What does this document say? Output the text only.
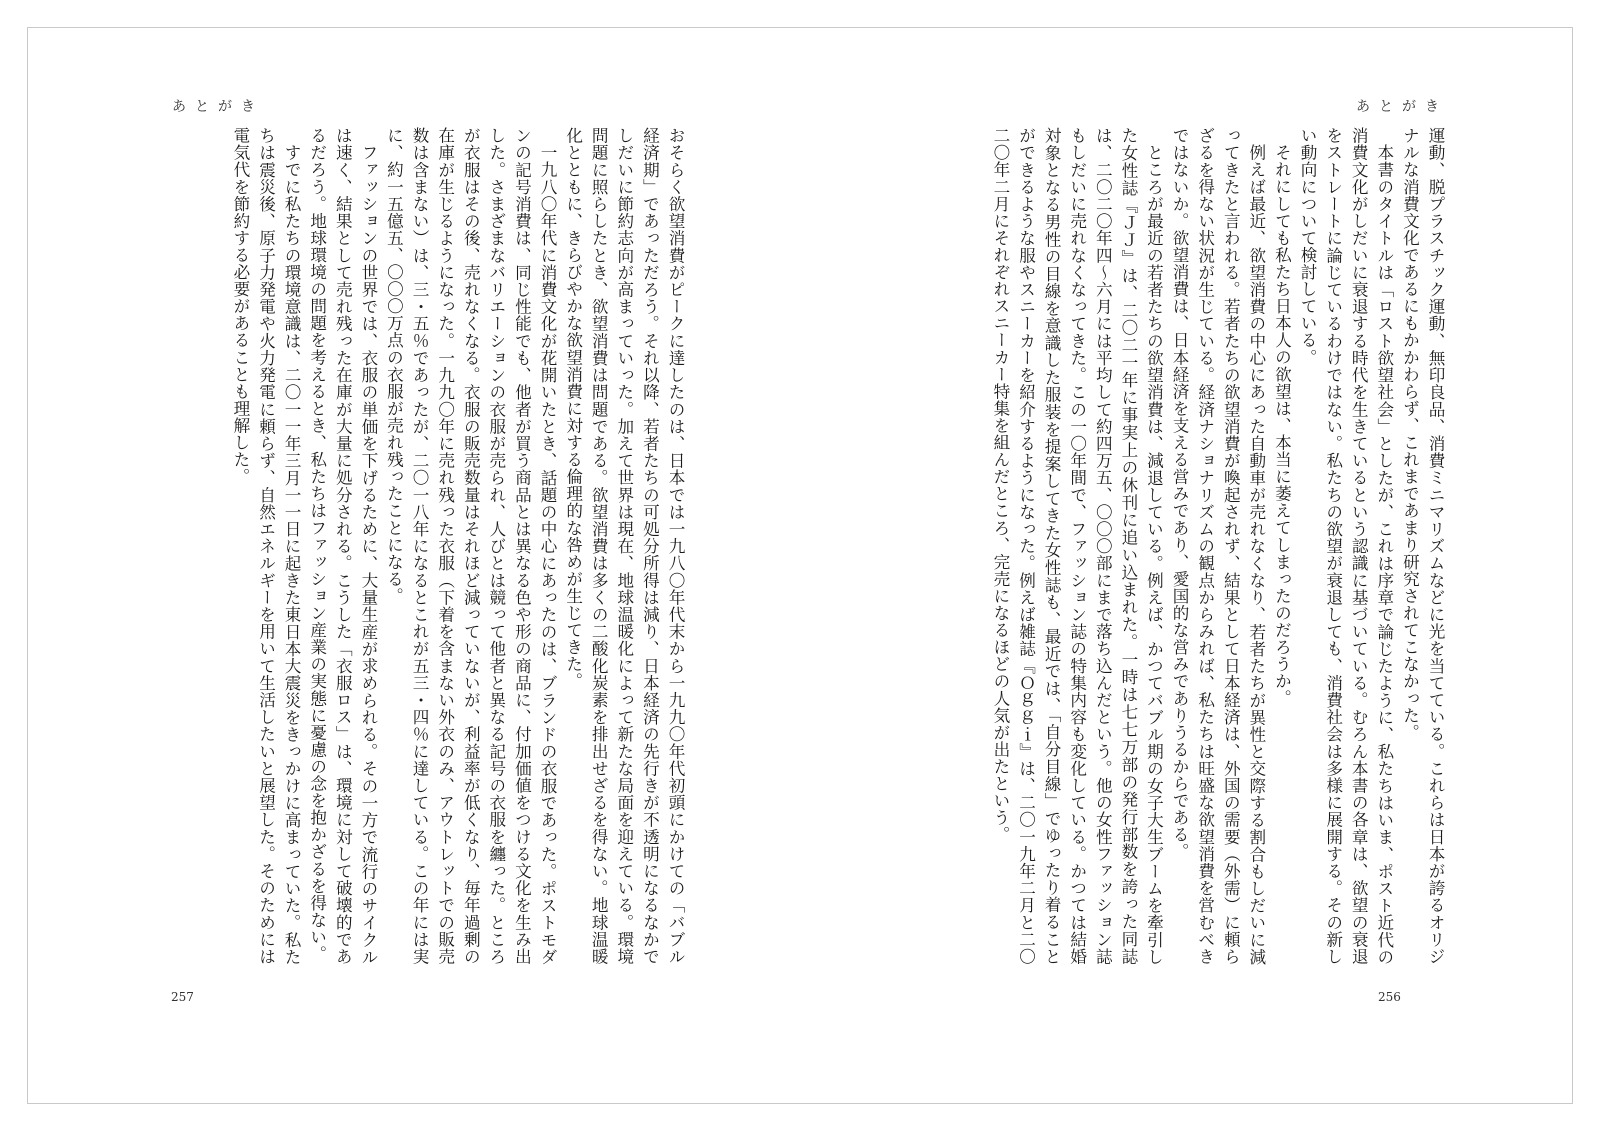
あとがき

おそらく欲望消費がピークに達したのは、日本では一九八〇年代末から一九九〇年代初頭にかけての「バブル経済期」であっただろう。それ以降、若者たちの可処分所得は減り、日本経済の先行きが不透明になるなかでしだいに節約志向が高まっていった。加えて世界は現在、地球温暖化によって新たな局面を迎えている。環境問題に照らしたとき、欲望消費は問題である。欲望消費は多くの二酸化炭素を排出せざるを得ない。地球温暖化とともに、きらびやかな欲望消費に対する倫理的な咎めが生じてきた。

一九八〇年代に消費文化が花開いたとき、話題の中心にあったのは、ブランドの衣服であった。ポストモダンの記号消費は、同じ性能でも、他者が買う商品とは異なる色や形の商品に、付加価値をつける文化を生み出した。さまざまなバリエーションの衣服が売られ、人びとは競って他者と異なる記号の衣服を纏った。ところが衣服はその後、売れなくなる。衣服の販売数量はそれほど減っていないが、利益率が低くなり、毎年過剰の在庫が生じるようになった。一九九〇年に売れ残った衣服（下着を含まない外衣のみ、アウトレットでの販売数は含まない）は、三・五％であったが、二〇一八年になるとこれが五三・四％に達している。この年には実に、約一五億五、〇〇〇万点の衣服が売れ残ったことになる。

ファッションの世界では、衣服の単価を下げるために、大量生産が求められる。その一方で流行のサイクルは速く、結果として売れ残った在庫が大量に処分される。こうした「衣服ロス」は、環境に対して破壊的であるだろう。地球環境の問題を考えるとき、私たちはファッション産業の実態に憂慮の念を抱かざるを得ない。

すでに私たちの環境意識は、二〇一一年三月一一日に起きた東日本大震災をきっかけに高まっていた。私たちは震災後、原子力発電や火力発電に頼らず、自然エネルギーを用いて生活したいと展望した。そのためには電気代を節約する必要があることも理解した。

257
あとがき

運動、脱プラスチック運動、無印良品、消費ミニマリズムなどに光を当てている。これらは日本が誇るオリジナルな消費文化であるにもかかわらず、これまであまり研究されてこなかった。

本書のタイトルは「ロスト欲望社会」としたが、これは序章で論じたように、私たちはいま、ポスト近代の消費文化がしだいに衰退する時代を生きているという認識に基づいている。むろん本書の各章は、欲望の衰退をストレートに論じているわけではない。私たちの欲望が衰退しても、消費社会は多様に展開する。その新しい動向について検討している。

それにしても私たち日本人の欲望は、本当に萎えてしまったのだろうか。

例えば最近、欲望消費の中心にあった自動車が売れなくなり、若者たちが異性と交際する割合もしだいに減ってきたと言われる。若者たちの欲望消費が喚起されず、結果として日本経済は、外国の需要（外需）に頼らざるを得ない状況が生じている。経済ナショナリズムの観点からみれば、私たちは旺盛な欲望消費を営むべきではないか。欲望消費は、日本経済を支える営みであり、愛国的な営みでありうるからである。

ところが最近の若者たちの欲望消費は、減退している。例えば、かつてバブル期の女子大生ブームを牽引した女性誌『ＪＪ』は、二〇二一年に事実上の休刊に追い込まれた。一時は七七万部の発行部数を誇った同誌は、二〇二〇年四～六月には平均して約四万五、〇〇〇部にまで落ち込んだという。他の女性ファッション誌もしだいに売れなくなってきた。この一〇年間で、ファッション誌の特集内容も変化している。かつては結婚対象となる男性の目線を意識した服装を提案してきた女性誌も、最近では、「自分目線」でゆったり着ることができるような服やスニーカーを紹介するようになった。例えば雑誌『Ｏｇｇｉ』は、二〇一九年二月と二〇二〇年二月にそれぞれスニーカー特集を組んだところ、完売になるほどの人気が出たという。

256
